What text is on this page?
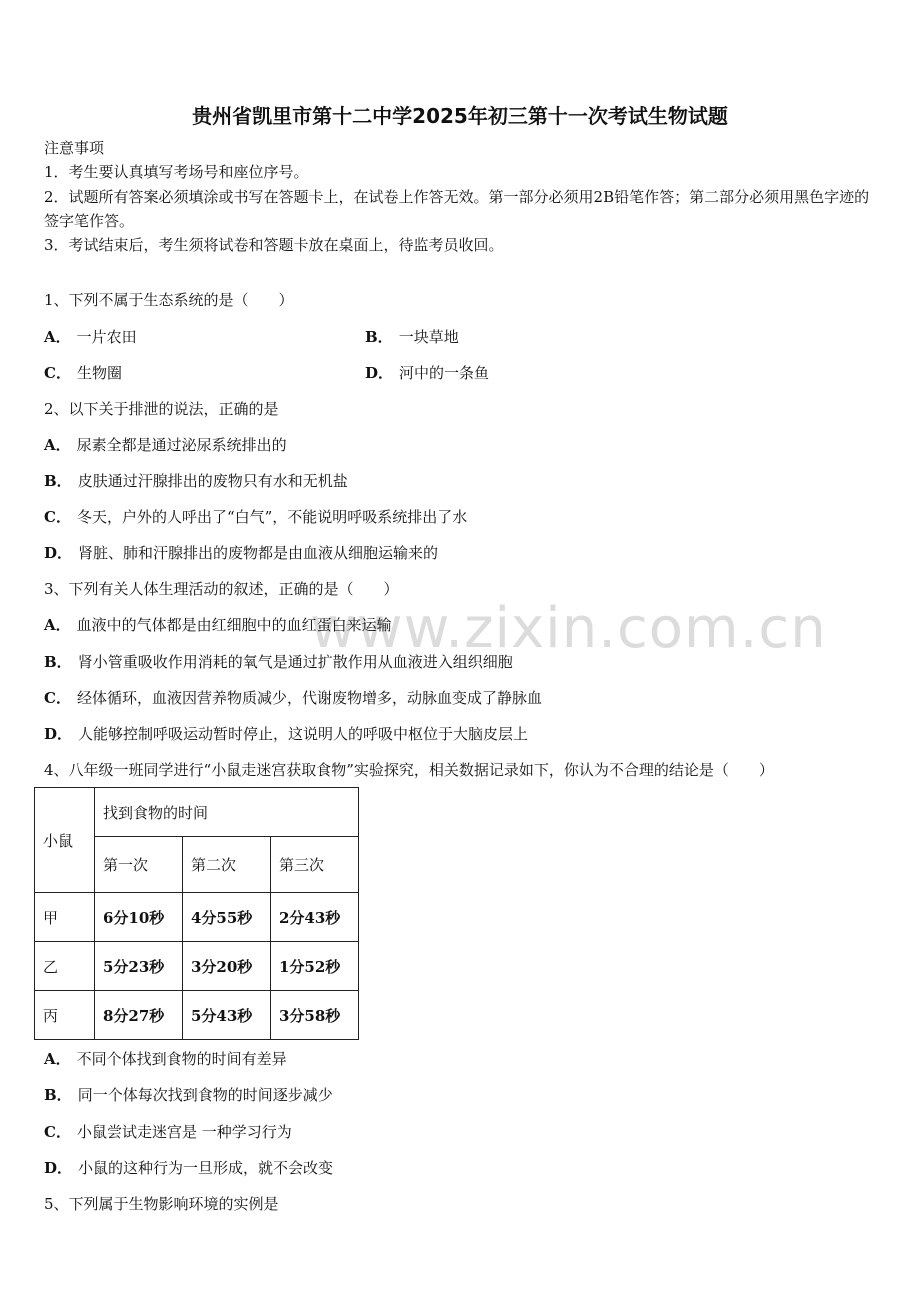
贵州省凯里市第十二中学2025年初三第十一次考试生物试题
注意事项
1．考生要认真填写考场号和座位序号。
2．试题所有答案必须填涂或书写在答题卡上，在试卷上作答无效。第一部分必须用2B铅笔作答；第二部分必须用黑色字迹的签字笔作答。
3．考试结束后，考生须将试卷和答题卡放在桌面上，待监考员收回。
www.zixin.com.cn
1、下列不属于生态系统的是（　　）
A． 一片农田	B． 一块草地
C． 生物圈	D． 河中的一条鱼
2、以下关于排泄的说法，正确的是
A． 尿素全都是通过泌尿系统排出的
B． 皮肤通过汗腺排出的废物只有水和无机盐
C． 冬天，户外的人呼出了“白气”，不能说明呼吸系统排出了水
D． 肾脏、肺和汗腺排出的废物都是由血液从细胞运输来的
3、下列有关人体生理活动的叙述，正确的是（　　）
A． 血液中的气体都是由红细胞中的血红蛋白来运输
B． 肾小管重吸收作用消耗的氧气是通过扩散作用从血液进入组织细胞
C． 经体循环，血液因营养物质减少，代谢废物增多，动脉血变成了静脉血
D． 人能够控制呼吸运动暂时停止，这说明人的呼吸中枢位于大脑皮层上
4、八年级一班同学进行“小鼠走迷宫获取食物”实验探究，相关数据记录如下，你认为不合理的结论是（　　）
小鼠	找到食物的时间		
	第一次	第二次	第三次
甲	6分10秒	4分55秒	2分43秒
乙	5分23秒	3分20秒	1分52秒
丙	8分27秒	5分43秒	3分58秒
A． 不同个体找到食物的时间有差异
B． 同一个体每次找到食物的时间逐步减少
C． 小鼠尝试走迷宫是 一种学习行为
D． 小鼠的这种行为一旦形成，就不会改变
5、下列属于生物影响环境的实例是
